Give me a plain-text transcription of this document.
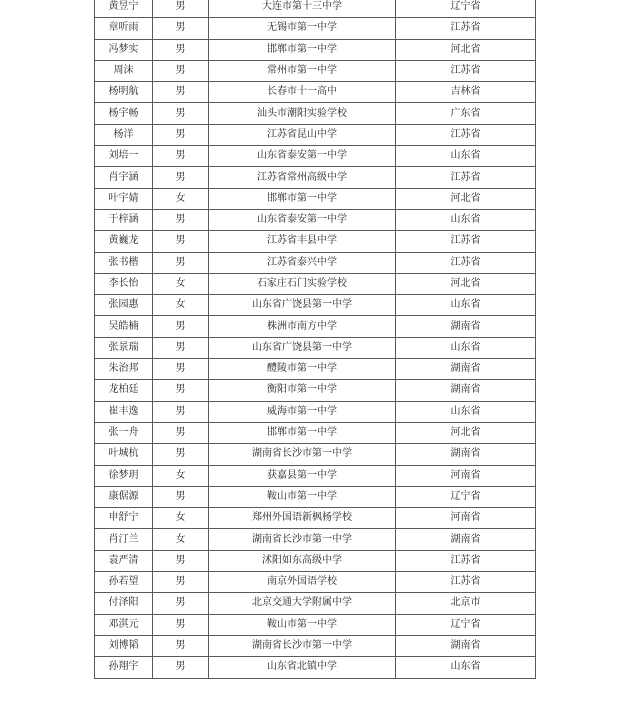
黄昱宁	男	大连市第十三中学	辽宁省
章听雨	男	无锡市第一中学	江苏省
冯梦实	男	邯郸市第一中学	河北省
周沫	男	常州市第一中学	江苏省
杨明航	男	长春市十一高中	吉林省
杨宇畅	男	汕头市潮阳实验学校	广东省
杨洋	男	江苏省昆山中学	江苏省
刘培一	男	山东省泰安第一中学	山东省
肖宇涵	男	江苏省常州高级中学	江苏省
叶宇婧	女	邯郸市第一中学	河北省
于梓涵	男	山东省泰安第一中学	山东省
黄巍龙	男	江苏省丰县中学	江苏省
张书楷	男	江苏省泰兴中学	江苏省
李长怡	女	石家庄石门实验学校	河北省
张园惠	女	山东省广饶县第一中学	山东省
吴皓楠	男	株洲市南方中学	湖南省
张景瑞	男	山东省广饶县第一中学	山东省
朱治邦	男	醴陵市第一中学	湖南省
龙柏廷	男	衡阳市第一中学	湖南省
崔丰逸	男	威海市第一中学	山东省
张一舟	男	邯郸市第一中学	河北省
叶城杭	男	湖南省长沙市第一中学	湖南省
徐梦玥	女	获嘉县第一中学	河南省
康倨源	男	鞍山市第一中学	辽宁省
申舒宁	女	郑州外国语新枫杨学校	河南省
肖汀兰	女	湖南省长沙市第一中学	湖南省
袁严清	男	沭阳如东高级中学	江苏省
孙若望	男	南京外国语学校	江苏省
付泽阳	男	北京交通大学附属中学	北京市
邓淇元	男	鞍山市第一中学	辽宁省
刘博韬	男	湖南省长沙市第一中学	湖南省
孙翔宇	男	山东省北镇中学	山东省
